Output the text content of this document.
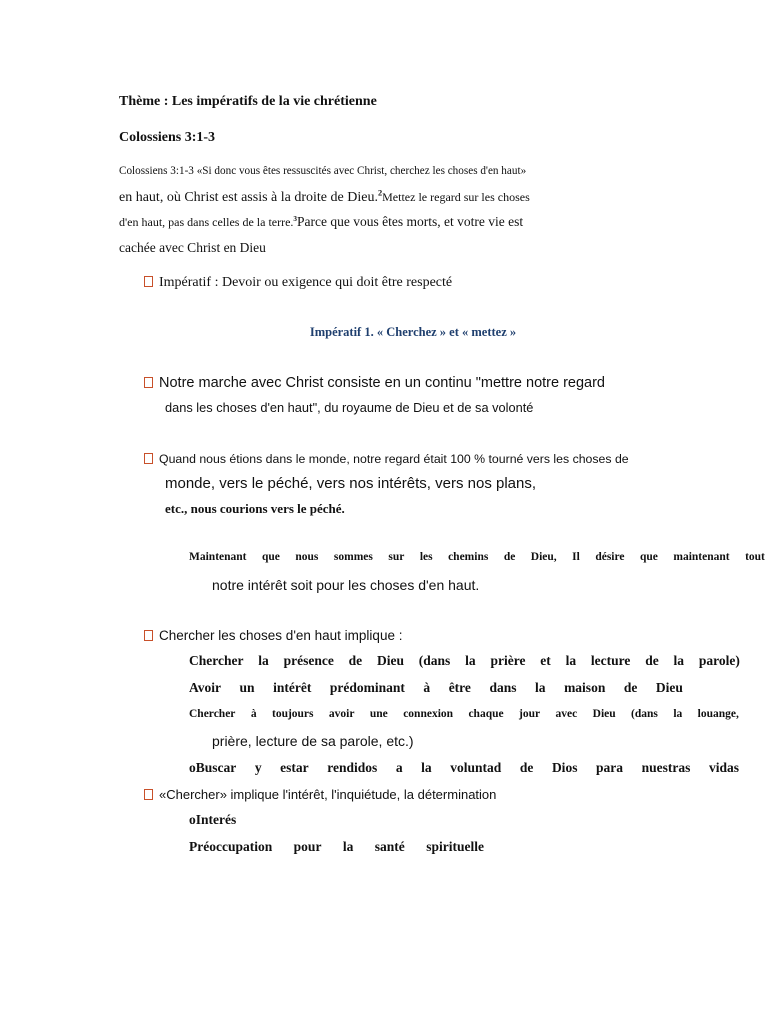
Thème : Les impératifs de la vie chrétienne
Colossiens 3:1-3
Colossiens 3:1-3 «Si donc vous êtes ressuscités avec Christ, cherchez les choses d'en haut»
en haut, où Christ est assis à la droite de Dieu.$^2$Mettez le regard sur les choses
d'en haut, pas dans celles de la terre.$^3$Parce que vous êtes morts, et votre vie est
cachée avec Christ en Dieu
Impératif : Devoir ou exigence qui doit être respecté
Impératif 1. « Cherchez » et « mettez »
Notre marche avec Christ consiste en un continu "mettre notre regard
dans les choses d'en haut", du royaume de Dieu et de sa volonté
Quand nous étions dans le monde, notre regard était 100 % tourné vers les choses de
monde, vers le péché, vers nos intérêts, vers nos plans,
etc., nous courions vers le péché.
Maintenant que nous sommes sur les chemins de Dieu, Il désire que maintenant tout
notre intérêt soit pour les choses d'en haut.
Chercher les choses d'en haut implique :
Chercher la présence de Dieu (dans la prière et la lecture de la parole)
Avoir un intérêt prédominant à être dans la maison de Dieu
Chercher à toujours avoir une connexion chaque jour avec Dieu (dans la louange,
prière, lecture de sa parole, etc.)
oBuscar y estar rendidos a la voluntad de Dios para nuestras vidas
«Chercher» implique l'intérêt, l'inquiétude, la détermination
oInterés
Préoccupation pour la santé spirituelle
